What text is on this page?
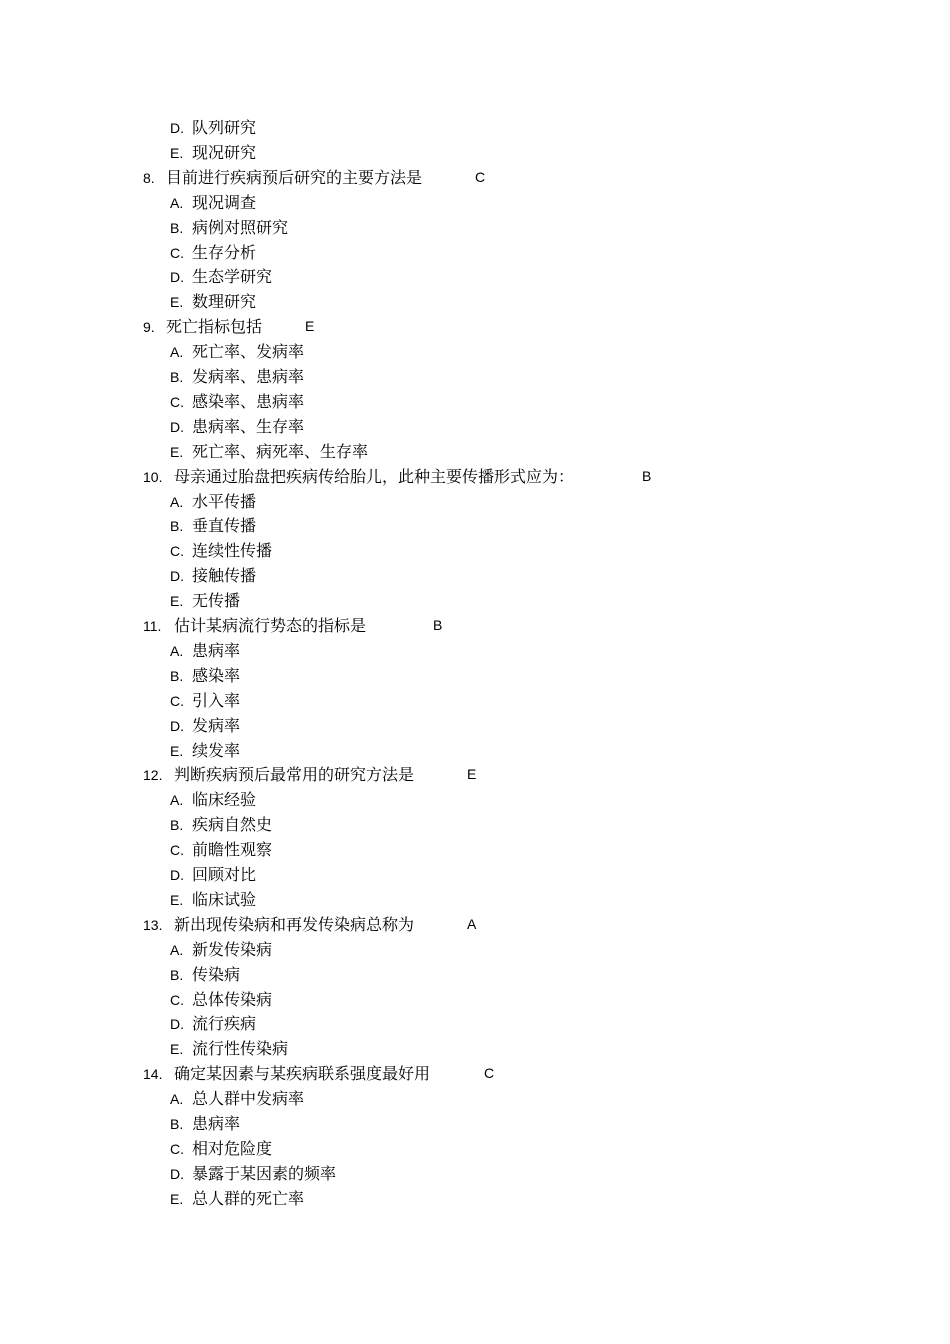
D. 队列研究
E. 现况研究
C
8. 目前进行疾病预后研究的主要方法是
A. 现况调查
B. 病例对照研究
C. 生存分析
D. 生态学研究
E. 数理研究
E
9. 死亡指标包括
A. 死亡率、发病率
B. 发病率、患病率
C. 感染率、患病率
D. 患病率、生存率
E. 死亡率、病死率、生存率
B
10. 母亲通过胎盘把疾病传给胎儿，此种主要传播形式应为：
A. 水平传播
B. 垂直传播
C. 连续性传播
D. 接触传播
E. 无传播
B
11. 估计某病流行势态的指标是
A. 患病率
B. 感染率
C. 引入率
D. 发病率
E. 续发率
E
12. 判断疾病预后最常用的研究方法是
A. 临床经验
B. 疾病自然史
C. 前瞻性观察
D. 回顾对比
E. 临床试验
A
13. 新出现传染病和再发传染病总称为
A. 新发传染病
B. 传染病
C. 总体传染病
D. 流行疾病
E. 流行性传染病
C
14. 确定某因素与某疾病联系强度最好用
A. 总人群中发病率
B. 患病率
C. 相对危险度
D. 暴露于某因素的频率
E. 总人群的死亡率
